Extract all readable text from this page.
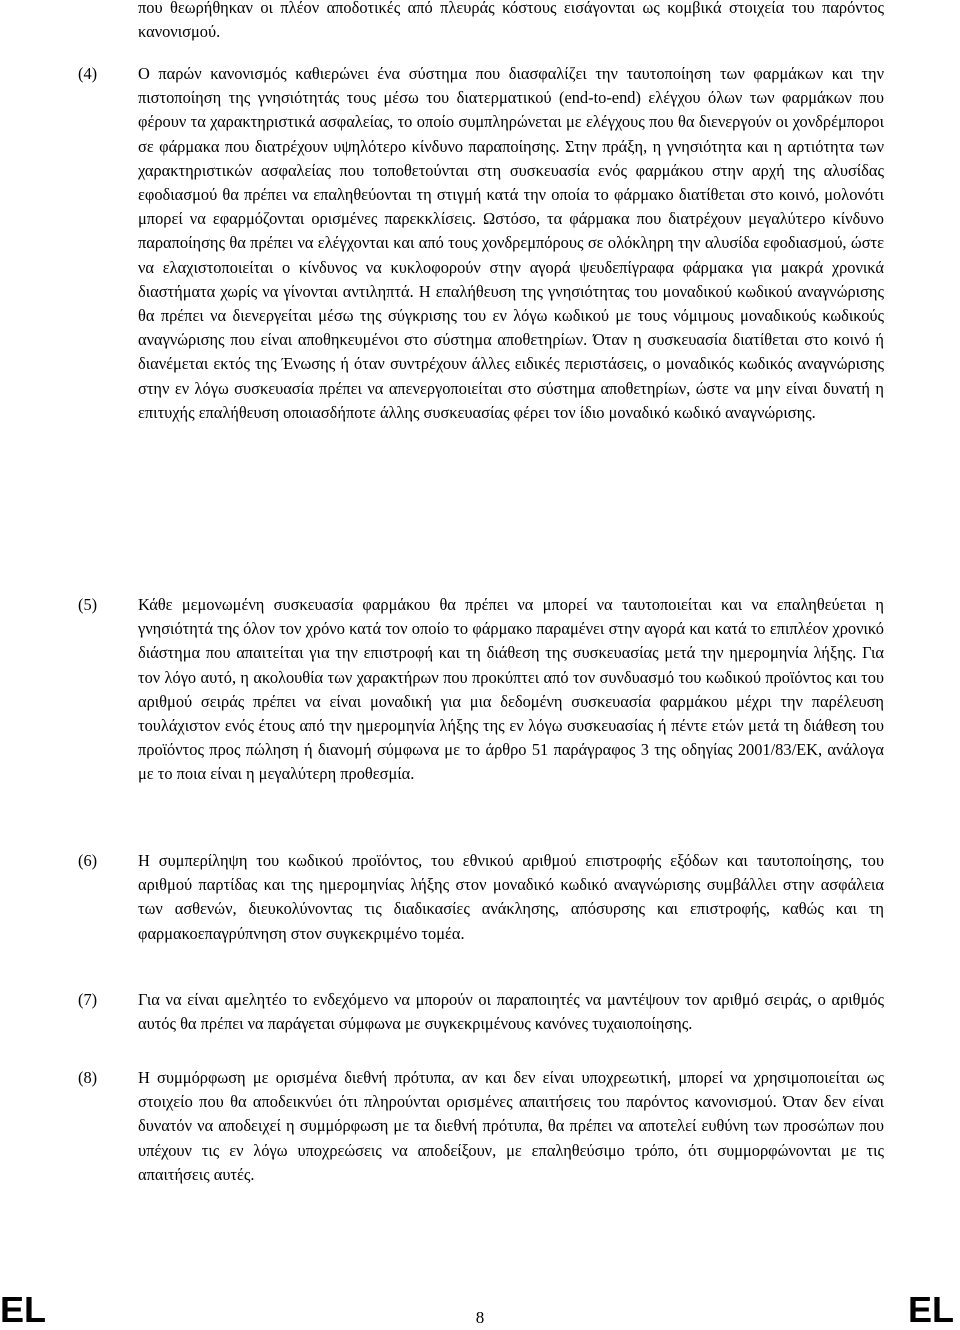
που θεωρήθηκαν οι πλέον αποδοτικές από πλευράς κόστους εισάγονται ως κομβικά στοιχεία του παρόντος κανονισμού.
(4) Ο παρών κανονισμός καθιερώνει ένα σύστημα που διασφαλίζει την ταυτοποίηση των φαρμάκων και την πιστοποίηση της γνησιότητάς τους μέσω του διατερματικού (end-to-end) ελέγχου όλων των φαρμάκων που φέρουν τα χαρακτηριστικά ασφαλείας, το οποίο συμπληρώνεται με ελέγχους που θα διενεργούν οι χονδρέμποροι σε φάρμακα που διατρέχουν υψηλότερο κίνδυνο παραποίησης. Στην πράξη, η γνησιότητα και η αρτιότητα των χαρακτηριστικών ασφαλείας που τοποθετούνται στη συσκευασία ενός φαρμάκου στην αρχή της αλυσίδας εφοδιασμού θα πρέπει να επαληθεύονται τη στιγμή κατά την οποία το φάρμακο διατίθεται στο κοινό, μολονότι μπορεί να εφαρμόζονται ορισμένες παρεκκλίσεις. Ωστόσο, τα φάρμακα που διατρέχουν μεγαλύτερο κίνδυνο παραποίησης θα πρέπει να ελέγχονται και από τους χονδρεμπόρους σε ολόκληρη την αλυσίδα εφοδιασμού, ώστε να ελαχιστοποιείται ο κίνδυνος να κυκλοφορούν στην αγορά ψευδεπίγραφα φάρμακα για μακρά χρονικά διαστήματα χωρίς να γίνονται αντιληπτά. Η επαλήθευση της γνησιότητας του μοναδικού κωδικού αναγνώρισης θα πρέπει να διενεργείται μέσω της σύγκρισης του εν λόγω κωδικού με τους νόμιμους μοναδικούς κωδικούς αναγνώρισης που είναι αποθηκευμένοι στο σύστημα αποθετηρίων. Όταν η συσκευασία διατίθεται στο κοινό ή διανέμεται εκτός της Ένωσης ή όταν συντρέχουν άλλες ειδικές περιστάσεις, ο μοναδικός κωδικός αναγνώρισης στην εν λόγω συσκευασία πρέπει να απενεργοποιείται στο σύστημα αποθετηρίων, ώστε να μην είναι δυνατή η επιτυχής επαλήθευση οποιασδήποτε άλλης συσκευασίας φέρει τον ίδιο μοναδικό κωδικό αναγνώρισης.
(5) Κάθε μεμονωμένη συσκευασία φαρμάκου θα πρέπει να μπορεί να ταυτοποιείται και να επαληθεύεται η γνησιότητά της όλον τον χρόνο κατά τον οποίο το φάρμακο παραμένει στην αγορά και κατά το επιπλέον χρονικό διάστημα που απαιτείται για την επιστροφή και τη διάθεση της συσκευασίας μετά την ημερομηνία λήξης. Για τον λόγο αυτό, η ακολουθία των χαρακτήρων που προκύπτει από τον συνδυασμό του κωδικού προϊόντος και του αριθμού σειράς πρέπει να είναι μοναδική για μια δεδομένη συσκευασία φαρμάκου μέχρι την παρέλευση τουλάχιστον ενός έτους από την ημερομηνία λήξης της εν λόγω συσκευασίας ή πέντε ετών μετά τη διάθεση του προϊόντος προς πώληση ή διανομή σύμφωνα με το άρθρο 51 παράγραφος 3 της οδηγίας 2001/83/ΕΚ, ανάλογα με το ποια είναι η μεγαλύτερη προθεσμία.
(6) Η συμπερίληψη του κωδικού προϊόντος, του εθνικού αριθμού επιστροφής εξόδων και ταυτοποίησης, του αριθμού παρτίδας και της ημερομηνίας λήξης στον μοναδικό κωδικό αναγνώρισης συμβάλλει στην ασφάλεια των ασθενών, διευκολύνοντας τις διαδικασίες ανάκλησης, απόσυρσης και επιστροφής, καθώς και τη φαρμακοεπαγρύπνηση στον συγκεκριμένο τομέα.
(7) Για να είναι αμελητέο το ενδεχόμενο να μπορούν οι παραποιητές να μαντέψουν τον αριθμό σειράς, ο αριθμός αυτός θα πρέπει να παράγεται σύμφωνα με συγκεκριμένους κανόνες τυχαιοποίησης.
(8) Η συμμόρφωση με ορισμένα διεθνή πρότυπα, αν και δεν είναι υποχρεωτική, μπορεί να χρησιμοποιείται ως στοιχείο που θα αποδεικνύει ότι πληρούνται ορισμένες απαιτήσεις του παρόντος κανονισμού. Όταν δεν είναι δυνατόν να αποδειχεί η συμμόρφωση με τα διεθνή πρότυπα, θα πρέπει να αποτελεί ευθύνη των προσώπων που υπέχουν τις εν λόγω υποχρεώσεις να αποδείξουν, με επαληθεύσιμο τρόπο, ότι συμμορφώνονται με τις απαιτήσεις αυτές.
EL	8	EL
